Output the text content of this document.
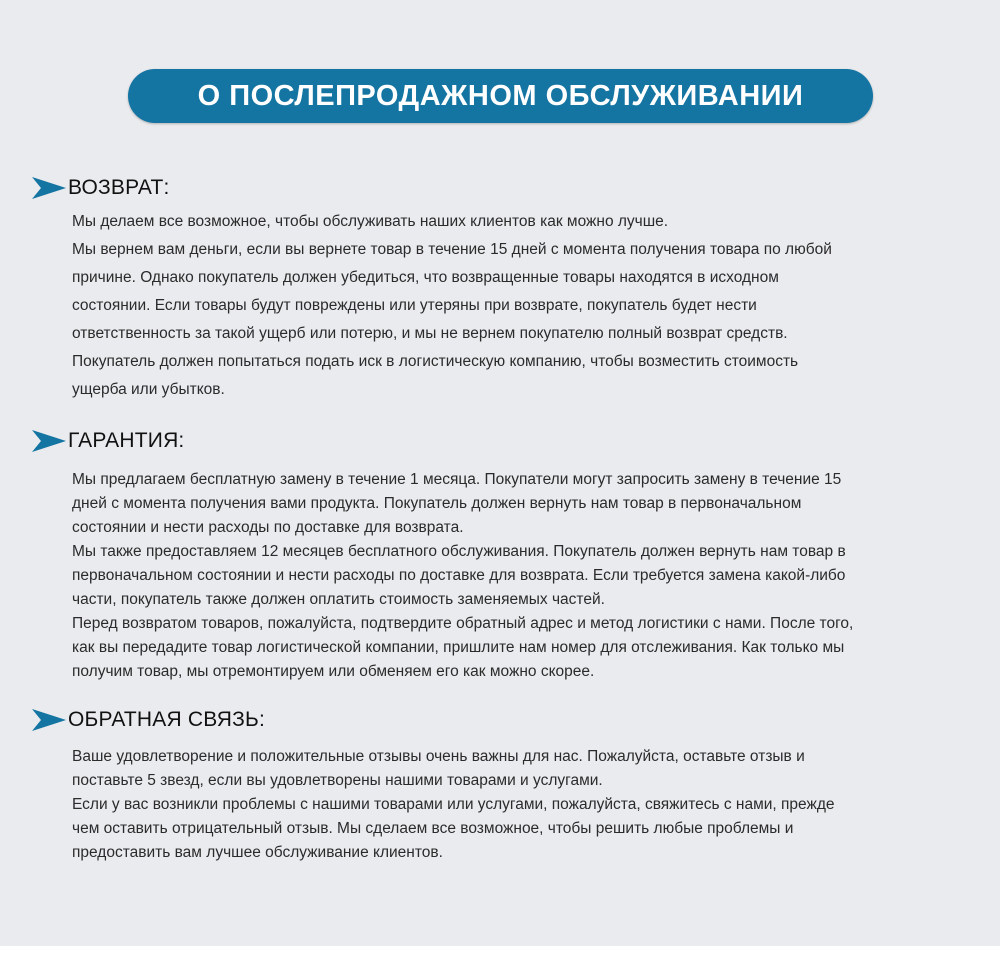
О ПОСЛЕПРОДАЖНОМ ОБСЛУЖИВАНИИ
ВОЗВРАТ:

Мы делаем все возможное, чтобы обслуживать наших клиентов как можно лучше.

Мы вернем вам деньги, если вы вернете товар в течение 15 дней с момента получения товара по любой

причине. Однако покупатель должен убедиться, что возвращенные товары находятся в исходном

состоянии. Если товары будут повреждены или утеряны при возврате, покупатель будет нести

ответственность за такой ущерб или потерю, и мы не вернем покупателю полный возврат средств.

Покупатель должен попытаться подать иск в логистическую компанию, чтобы возместить стоимость

ущерба или убытков.

ГАРАНТИЯ:

Мы предлагаем бесплатную замену в течение 1 месяца. Покупатели могут запросить замену в течение 15

дней с момента получения вами продукта. Покупатель должен вернуть нам товар в первоначальном

состоянии и нести расходы по доставке для возврата.

Мы также предоставляем 12 месяцев бесплатного обслуживания. Покупатель должен вернуть нам товар в

первоначальном состоянии и нести расходы по доставке для возврата. Если требуется замена какой-либо

части, покупатель также должен оплатить стоимость заменяемых частей.

Перед возвратом товаров, пожалуйста, подтвердите обратный адрес и метод логистики с нами. После того,

как вы передадите товар логистической компании, пришлите нам номер для отслеживания. Как только мы

получим товар, мы отремонтируем или обменяем его как можно скорее.

ОБРАТНАЯ СВЯЗЬ:

Ваше удовлетворение и положительные отзывы очень важны для нас. Пожалуйста, оставьте отзыв и

поставьте 5 звезд, если вы удовлетворены нашими товарами и услугами.

Если у вас возникли проблемы с нашими товарами или услугами, пожалуйста, свяжитесь с нами, прежде

чем оставить отрицательный отзыв. Мы сделаем все возможное, чтобы решить любые проблемы и

предоставить вам лучшее обслуживание клиентов.
